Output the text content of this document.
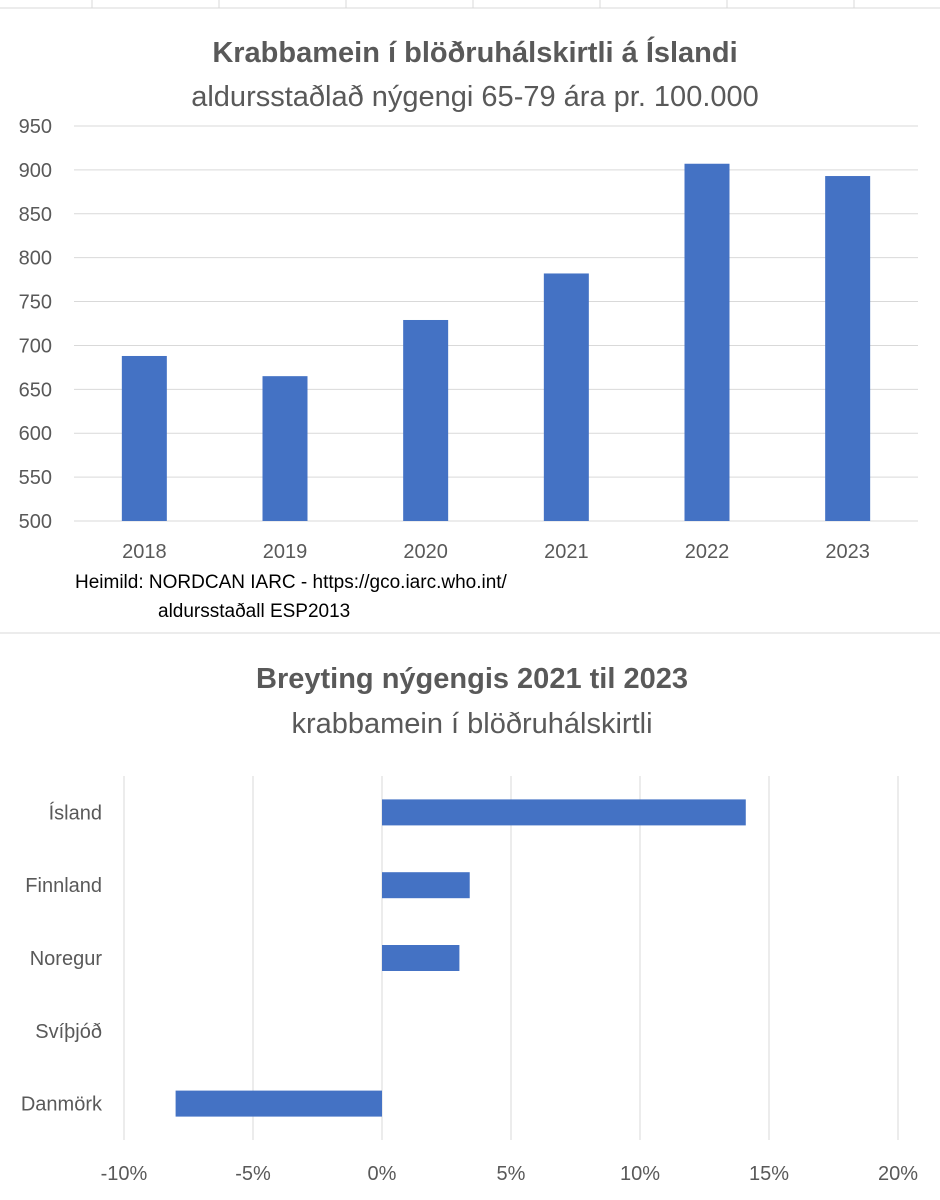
Krabbamein í blöðruhálskirtli á Íslandi
aldursstaðlað nýgengi 65-79 ára pr. 100.000
500
550
600
650
700
750
800
850
900
950
2018	2019	2020	2021	2022	2023
Heimild: NORDCAN IARC - https://gco.iarc.who.int/
aldursstaðall ESP2013
Breyting nýgengis 2021 til 2023
krabbamein í blöðruhálskirtli
Ísland
Finnland
Noregur
Svíþjóð
Danmörk
-10%	-5%	0%	5%	10%	15%	20%
